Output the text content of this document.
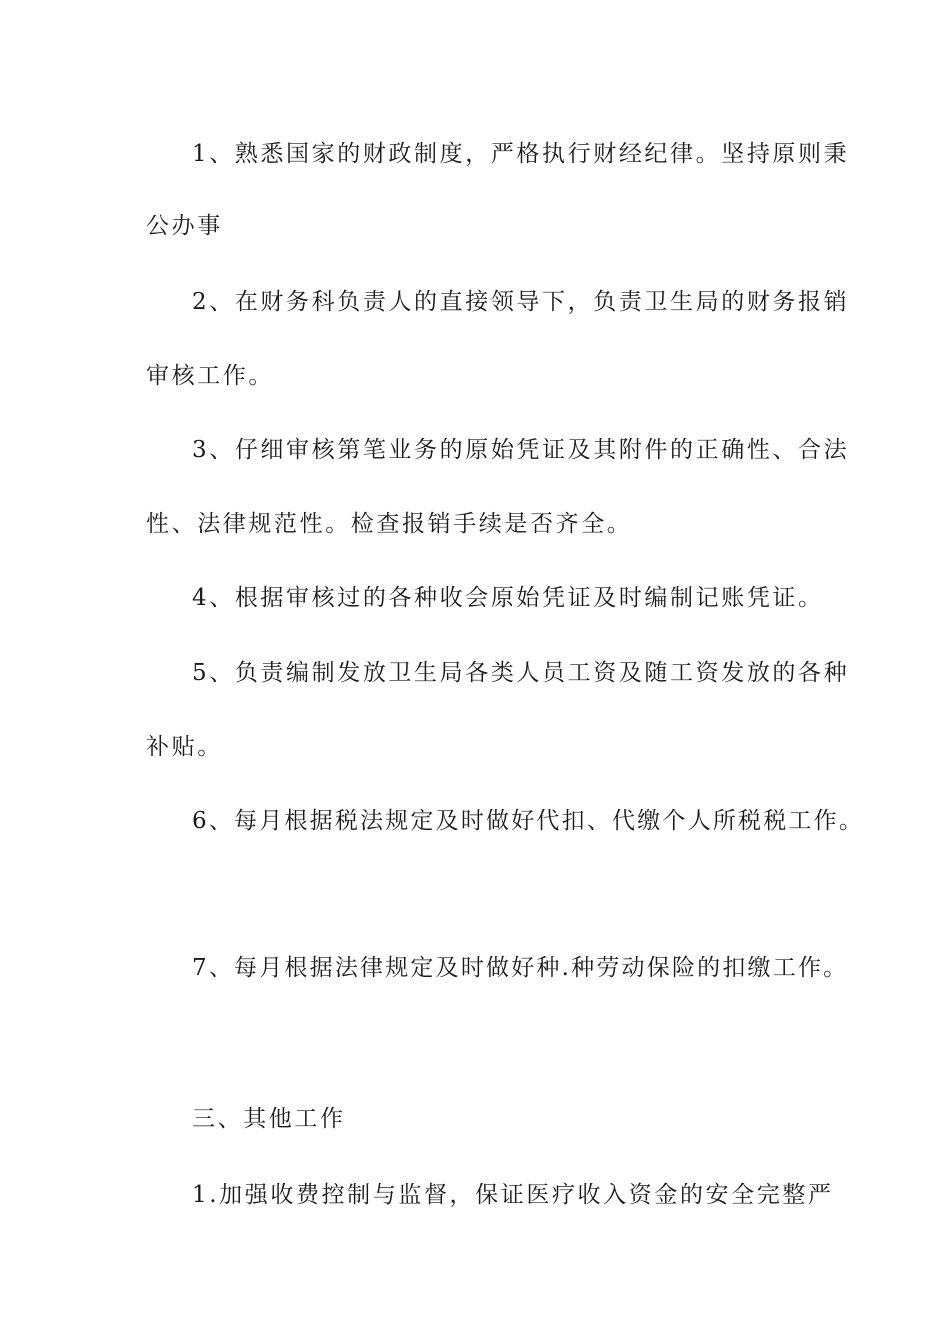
1、熟悉国家的财政制度，严格执行财经纪律。坚持原则秉
公办事
2、在财务科负责人的直接领导下，负责卫生局的财务报销
审核工作。
3、仔细审核第笔业务的原始凭证及其附件的正确性、合法
性、法律规范性。检查报销手续是否齐全。
4、根据审核过的各种收会原始凭证及时编制记账凭证。
5、负责编制发放卫生局各类人员工资及随工资发放的各种
补贴。
6、每月根据税法规定及时做好代扣、代缴个人所税税工作。
7、每月根据法律规定及时做好种.种劳动保险的扣缴工作。
三、其他工作
1.加强收费控制与监督，保证医疗收入资金的安全完整严
